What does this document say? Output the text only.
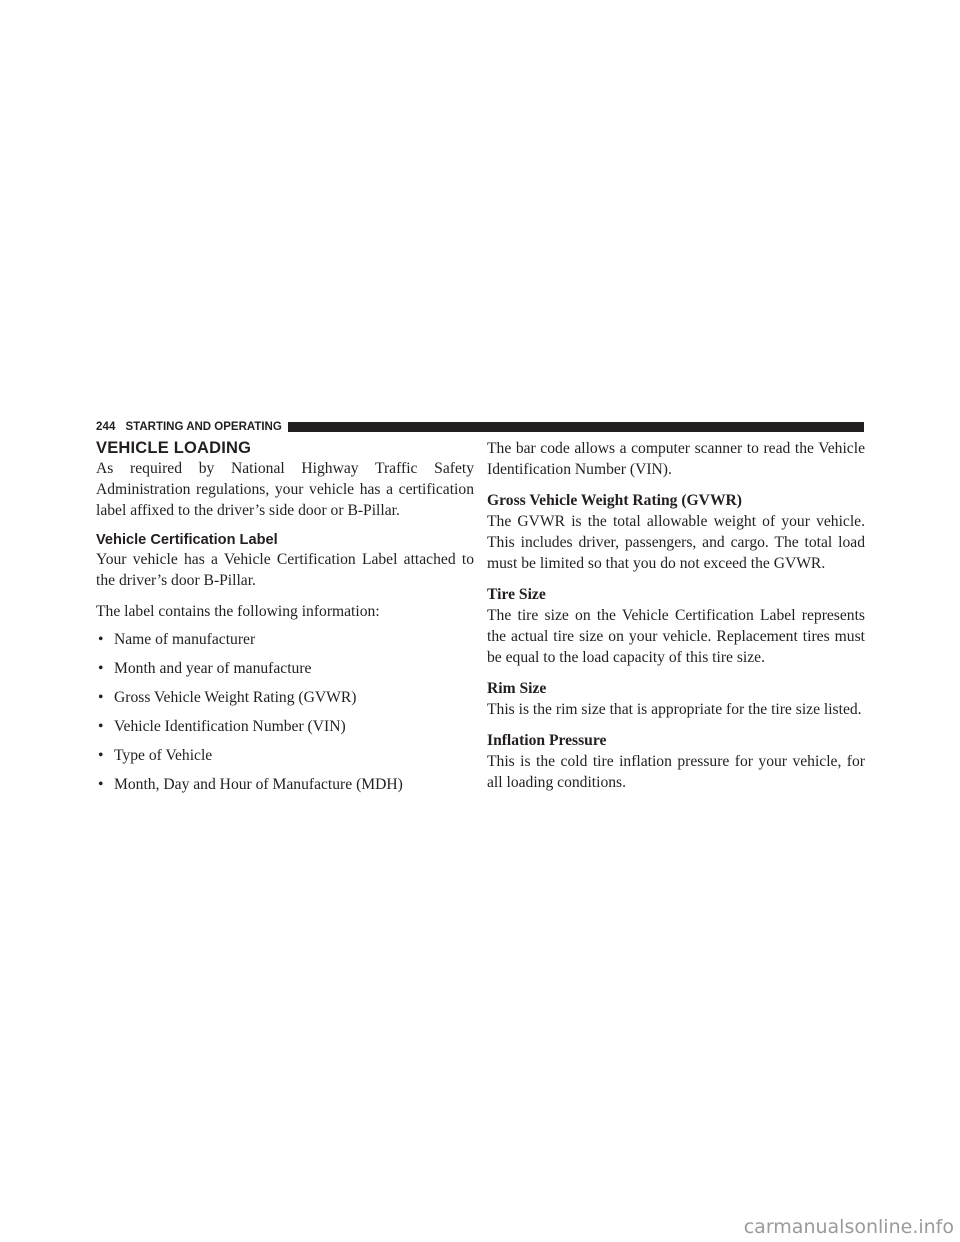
244 STARTING AND OPERATING
VEHICLE LOADING

As required by National Highway Traffic Safety Administration regulations, your vehicle has a certification label affixed to the driver’s side door or B-Pillar.

Vehicle Certification Label

Your vehicle has a Vehicle Certification Label attached to the driver’s door B-Pillar.

The label contains the following information:

• Name of manufacturer
• Month and year of manufacture
• Gross Vehicle Weight Rating (GVWR)
• Vehicle Identification Number (VIN)
• Type of Vehicle
• Month, Day and Hour of Manufacture (MDH)

The bar code allows a computer scanner to read the Vehicle Identification Number (VIN).

Gross Vehicle Weight Rating (GVWR)

The GVWR is the total allowable weight of your vehicle. This includes driver, passengers, and cargo. The total load must be limited so that you do not exceed the GVWR.

Tire Size

The tire size on the Vehicle Certification Label represents the actual tire size on your vehicle. Replacement tires must be equal to the load capacity of this tire size.

Rim Size

This is the rim size that is appropriate for the tire size listed.

Inflation Pressure

This is the cold tire inflation pressure for your vehicle, for all loading conditions.

carmanualsonline.info
